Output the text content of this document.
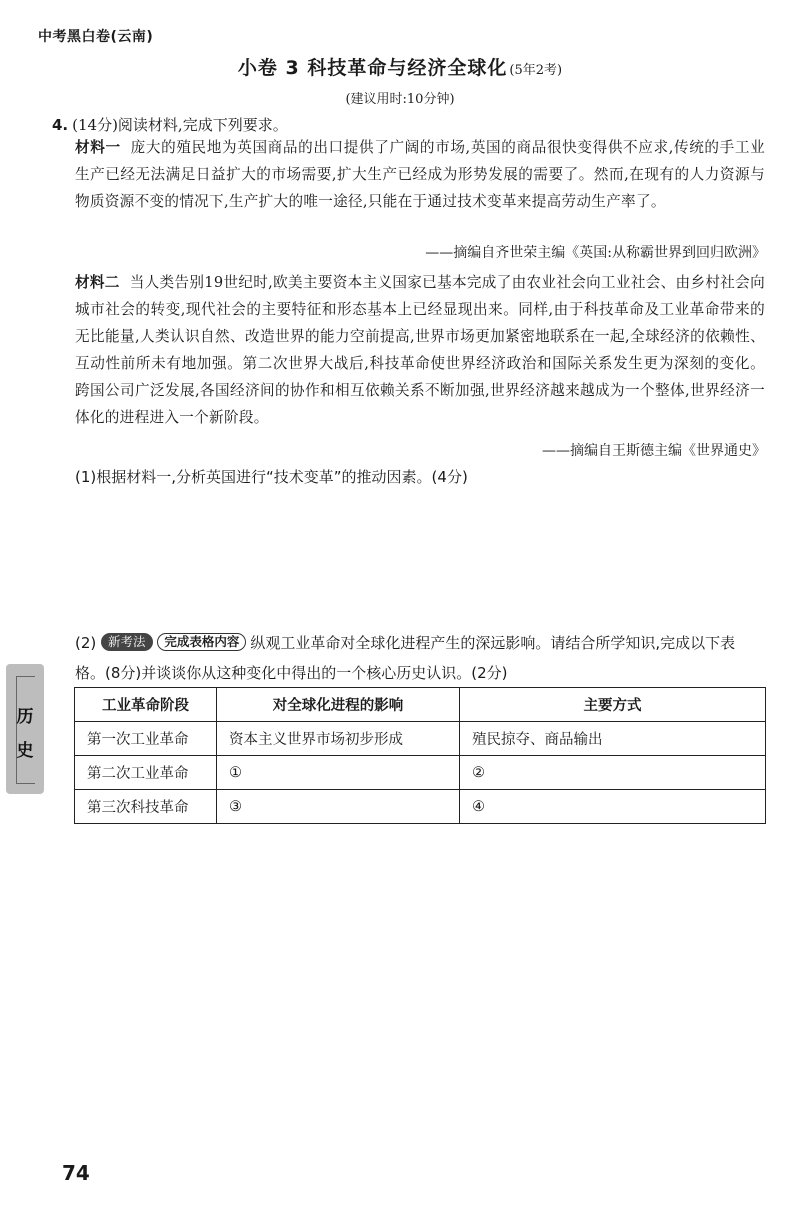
中考黑白卷(云南)
小卷 3 科技革命与经济全球化 (5年2考)
(建议用时:10分钟)
4. (14分)阅读材料,完成下列要求。
材料一 庞大的殖民地为英国商品的出口提供了广阔的市场,英国的商品很快变得供不应求,传统的手工业生产已经无法满足日益扩大的市场需要,扩大生产已经成为形势发展的需要了。然而,在现有的人力资源与物质资源不变的情况下,生产扩大的唯一途径,只能在于通过技术变革来提高劳动生产率了。
——摘编自齐世荣主编《英国:从称霸世界到回归欧洲》
材料二 当人类告别19世纪时,欧美主要资本主义国家已基本完成了由农业社会向工业社会、由乡村社会向城市社会的转变,现代社会的主要特征和形态基本上已经显现出来。同样,由于科技革命及工业革命带来的无比能量,人类认识自然、改造世界的能力空前提高,世界市场更加紧密地联系在一起,全球经济的依赖性、互动性前所未有地加强。第二次世界大战后,科技革命使世界经济政治和国际关系发生更为深刻的变化。跨国公司广泛发展,各国经济间的协作和相互依赖关系不断加强,世界经济越来越成为一个整体,世界经济一体化的进程进入一个新阶段。
——摘编自王斯德主编《世界通史》
(1)根据材料一,分析英国进行“技术变革”的推动因素。(4分)
(2) 新考法 完成表格内容 纵观工业革命对全球化进程产生的深远影响。请结合所学知识,完成以下表格。(8分)并谈谈你从这种变化中得出的一个核心历史认识。(2分)
历
史
工业革命阶段	对全球化进程的影响	主要方式
第一次工业革命	资本主义世界市场初步形成	殖民掠夺、商品输出
第二次工业革命	①	②
第三次科技革命	③	④
74
